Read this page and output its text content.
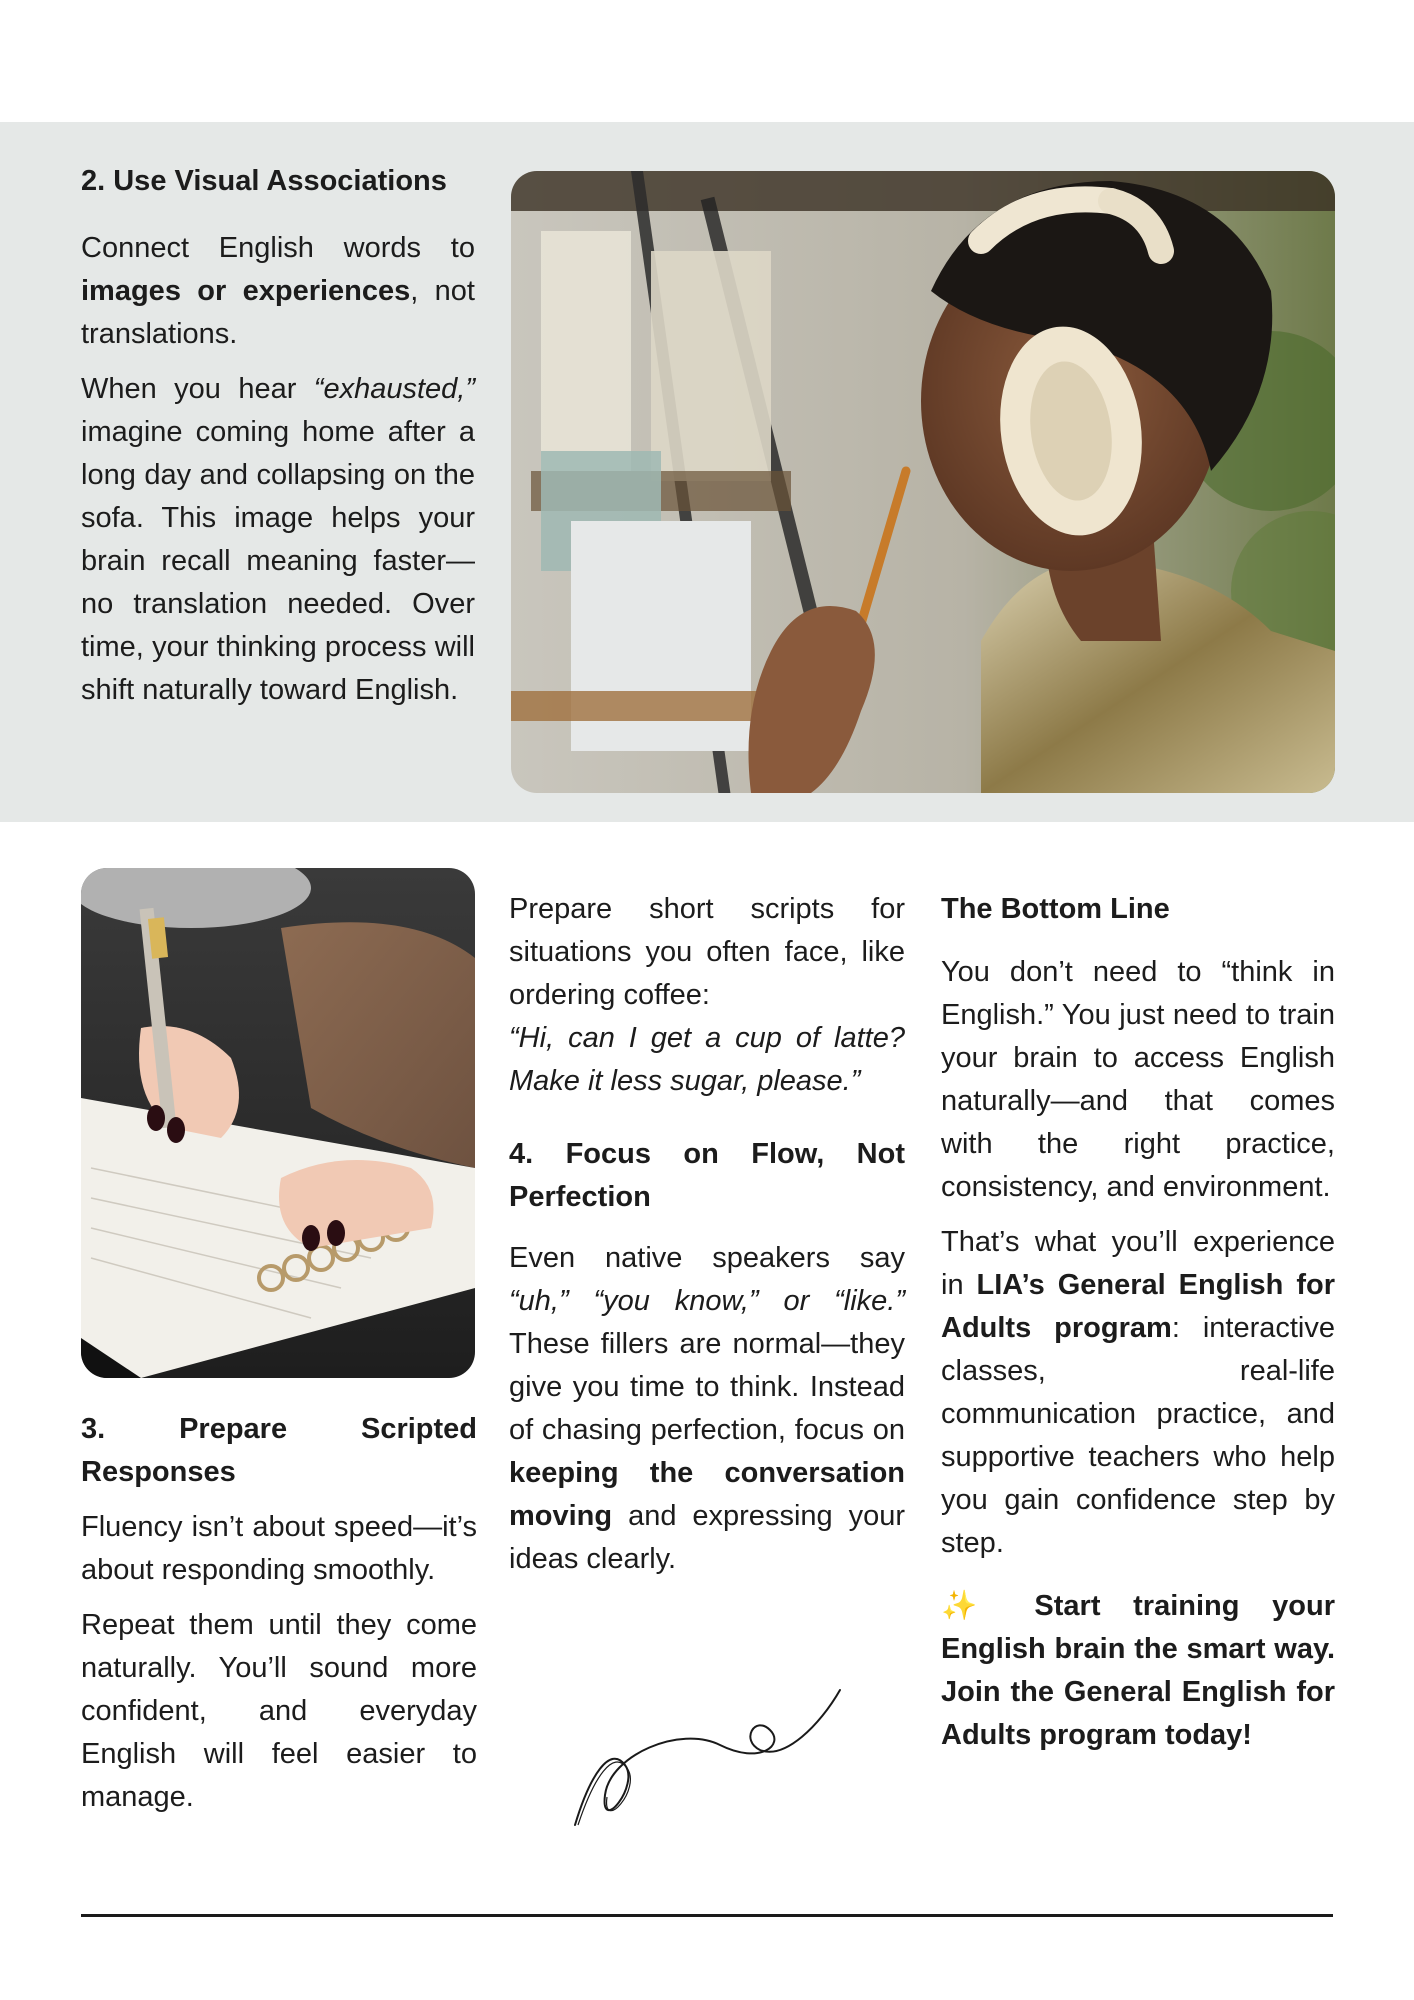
2. Use Visual Associations

Connect English words to images or experiences, not translations.

When you hear “exhausted,” imagine coming home after a long day and collapsing on the sofa. This image helps your brain recall meaning faster—no translation needed. Over time, your thinking process will shift naturally toward English.

3. Prepare Scripted Responses

Fluency isn’t about speed—it’s about responding smoothly.

Repeat them until they come naturally. You’ll sound more confident, and everyday English will feel easier to manage.

Prepare short scripts for situations you often face, like ordering coffee:
“Hi, can I get a cup of latte? Make it less sugar, please.”

4. Focus on Flow, Not Perfection

Even native speakers say “uh,” “you know,” or “like.” These fillers are normal—they give you time to think. Instead of chasing perfection, focus on keeping the conversation moving and expressing your ideas clearly.

The Bottom Line

You don’t need to “think in English.” You just need to train your brain to access English naturally—and that comes with the right practice, consistency, and environment.

That’s what you’ll experience in LIA’s General English for Adults program: interactive classes, real-life communication practice, and supportive teachers who help you gain confidence step by step.

✨ Start training your English brain the smart way. Join the General English for Adults program today!
